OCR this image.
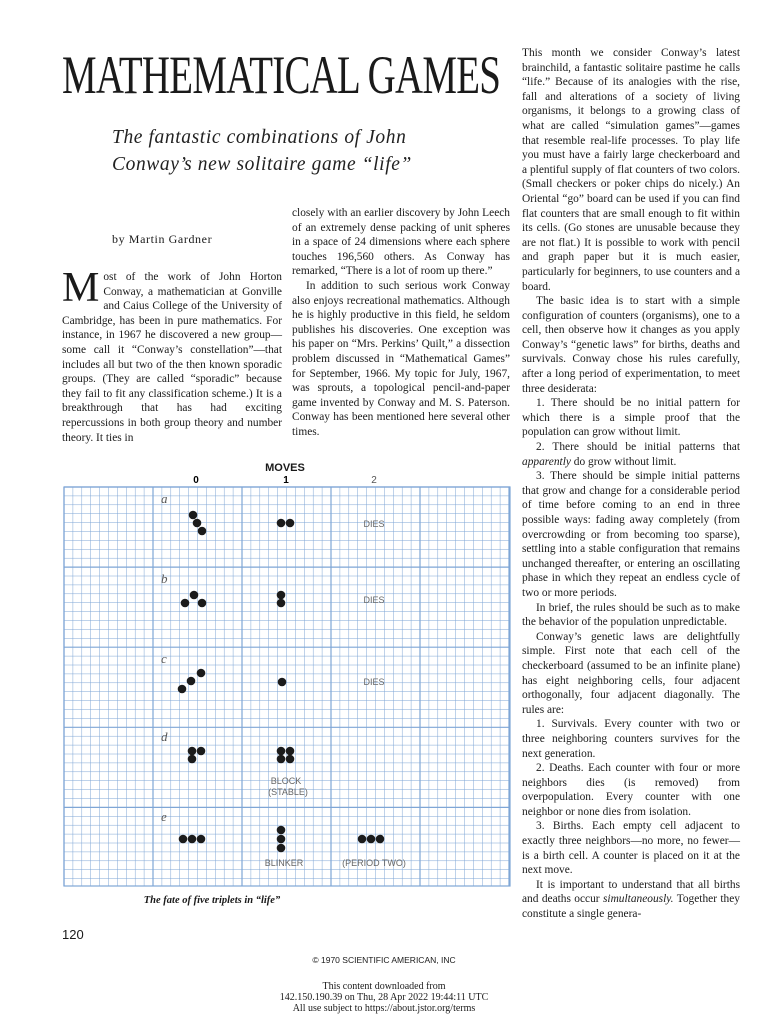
MATHEMATICAL GAMES
The fantastic combinations of John Conway’s new solitaire game “life”
by Martin Gardner

Most of the work of John Horton Conway, a mathematician at Gonville and Caius College of the University of Cambridge, has been in pure mathematics. For instance, in 1967 he discovered a new group—some call it “Conway’s constellation”—that includes all but two of the then known sporadic groups. (They are called “sporadic” because they fail to fit any classification scheme.) It is a breakthrough that has had exciting repercussions in both group theory and number theory. It ties in

closely with an earlier discovery by John Leech of an extremely dense packing of unit spheres in a space of 24 dimensions where each sphere touches 196,560 others. As Conway has remarked, “There is a lot of room up there.”

In addition to such serious work Conway also enjoys recreational mathematics. Although he is highly productive in this field, he seldom publishes his discoveries. One exception was his paper on “Mrs. Perkins’ Quilt,” a dissection problem discussed in “Mathematical Games” for September, 1966. My topic for July, 1967, was sprouts, a topological pencil-and-paper game invented by Conway and M. S. Paterson. Conway has been mentioned here several other times.

This month we consider Conway’s latest brainchild, a fantastic solitaire pastime he calls “life.” Because of its analogies with the rise, fall and alterations of a society of living organisms, it belongs to a growing class of what are called “simulation games”—games that resemble real-life processes. To play life you must have a fairly large checkerboard and a plentiful supply of flat counters of two colors. (Small checkers or poker chips do nicely.) An Oriental “go” board can be used if you can find flat counters that are small enough to fit within its cells. (Go stones are unusable because they are not flat.) It is possible to work with pencil and graph paper but it is much easier, particularly for beginners, to use counters and a board.

The basic idea is to start with a simple configuration of counters (organisms), one to a cell, then observe how it changes as you apply Conway’s “genetic laws” for births, deaths and survivals. Conway chose his rules carefully, after a long period of experimentation, to meet three desiderata:

1. There should be no initial pattern for which there is a simple proof that the population can grow without limit.

2. There should be initial patterns that apparently do grow without limit.

3. There should be simple initial patterns that grow and change for a considerable period of time before coming to an end in three possible ways: fading away completely (from overcrowding or from becoming too sparse), settling into a stable configuration that remains unchanged thereafter, or entering an oscillating phase in which they repeat an endless cycle of two or more periods.

In brief, the rules should be such as to make the behavior of the population unpredictable.

Conway’s genetic laws are delightfully simple. First note that each cell of the checkerboard (assumed to be an infinite plane) has eight neighboring cells, four adjacent orthogonally, four adjacent diagonally. The rules are:

1. Survivals. Every counter with two or three neighboring counters survives for the next generation.

2. Deaths. Each counter with four or more neighbors dies (is removed) from overpopulation. Every counter with one neighbor or none dies from isolation.

3. Births. Each empty cell adjacent to exactly three neighbors—no more, no fewer—is a birth cell. A counter is placed on it at the next move.

It is important to understand that all births and deaths occur simultaneously. Together they constitute a single genera-

MOVES
0	1	2
a
b
c
d
e
DIES
DIES
DIES
BLOCK
(STABLE)
BLINKER	(PERIOD TWO)
The fate of five triplets in “life”
120
© 1970 SCIENTIFIC AMERICAN, INC
This content downloaded from
142.150.190.39 on Thu, 28 Apr 2022 19:44:11 UTC
All use subject to https://about.jstor.org/terms
